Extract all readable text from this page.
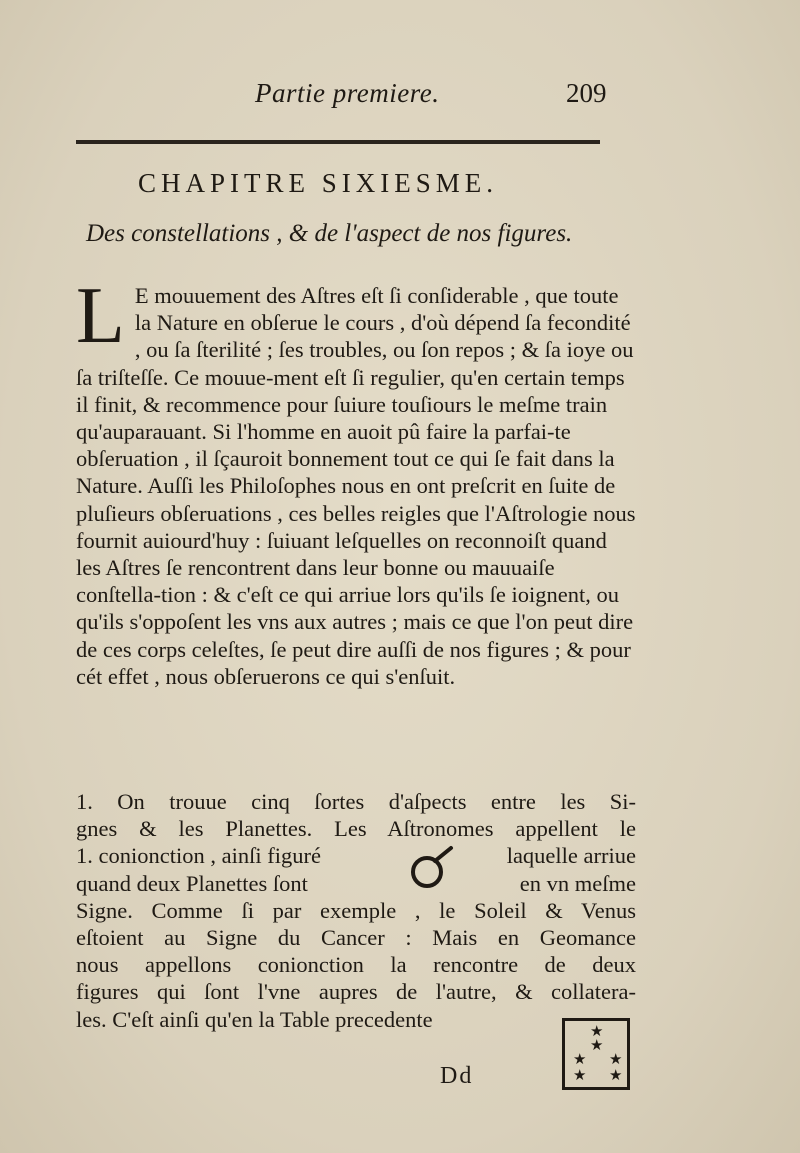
Partie premiere.	209
CHAPITRE SIXIESME.
Des constellations , & de l'aspect de nos figures.
L E mouuement des Aſtres eſt ſi conſiderable , que toute la Nature en obſerue le cours , d'où dépend ſa fecondité , ou ſa ſterilité ; ſes troubles, ou ſon repos ; & ſa ioye ou ſa triſteſſe. Ce mouue-ment eſt ſi regulier, qu'en certain temps il finit, & recommence pour ſuiure touſiours le meſme train qu'auparauant. Si l'homme en auoit pû faire la parfai-te obſeruation , il ſçauroit bonnement tout ce qui ſe fait dans la Nature. Auſſi les Philoſophes nous en ont preſcrit en ſuite de pluſieurs obſeruations , ces belles reigles que l'Aſtrologie nous fournit auiourd'huy : ſuiuant leſquelles on reconnoiſt quand les Aſtres ſe rencontrent dans leur bonne ou mauuaiſe conſtella-tion : & c'eſt ce qui arriue lors qu'ils ſe ioignent, ou qu'ils s'oppoſent les vns aux autres ; mais ce que l'on peut dire de ces corps celeſtes, ſe peut dire auſſi de nos figures ; & pour cét effet , nous obſeruerons ce qui s'enſuit.
1. On trouue cinq ſortes d'aſpects entre les Si-
gnes & les Planettes. Les Aſtronomes appellent le
1. conionction , ainſi figuré	laquelle arriue
quand deux Planettes ſont	en vn meſme
Signe. Comme ſi par exemple , le Soleil & Venus
eſtoient au Signe du Cancer : Mais en Geomance
nous appellons conionction la rencontre de deux
figures qui ſont l'vne aupres de l'autre, & collatera-
les. C'eſt ainſi qu'en la Table precedente
★
★
★ ★
★ ★
Dd
